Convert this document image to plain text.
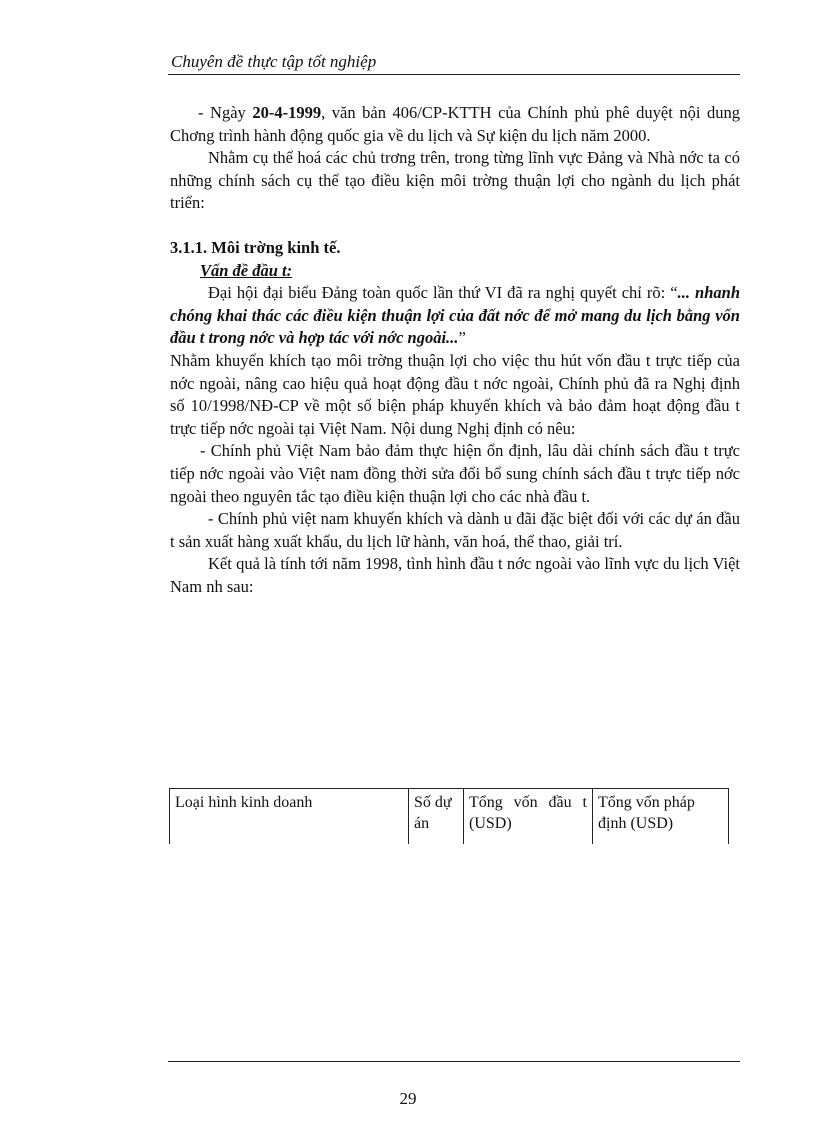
Chuyên đề thực tập tốt nghiệp

- Ngày 20-4-1999, văn bản 406/CP-KTTH của Chính phủ phê duyệt nội dung Chơng trình hành động quốc gia về du lịch và Sự kiện du lịch năm 2000.

Nhằm cụ thể hoá các chủ trơng trên, trong từng lĩnh vực Đảng và Nhà nớc ta có những chính sách cụ thể tạo điều kiện môi trờng thuận lợi cho ngành du lịch phát triển:

3.1.1. Môi trờng kinh tế.

Vấn đề đầu t:

Đại hội đại biểu Đảng toàn quốc lần thứ VI đã ra nghị quyết chỉ rõ: “... nhanh chóng khai thác các điều kiện thuận lợi của đất nớc để mở mang du lịch bằng vốn đầu t trong nớc và hợp tác với nớc ngoài...”

Nhằm khuyến khích tạo môi trờng thuận lợi cho việc thu hút vốn đầu t trực tiếp của nớc ngoài, nâng cao hiệu quả hoạt động đầu t nớc ngoài, Chính phủ đã ra Nghị định số 10/1998/NĐ-CP về một số biện pháp khuyến khích và bảo đảm hoạt động đầu t trực tiếp nớc ngoài tại Việt Nam. Nội dung Nghị định có nêu:

- Chính phủ Việt Nam bảo đảm thực hiện ổn định, lâu dài chính sách đầu t trực tiếp nớc ngoài vào Việt nam đồng thời sửa đổi bổ sung chính sách đầu t trực tiếp nớc ngoài theo nguyên tắc tạo điều kiện thuận lợi cho các nhà đầu t.

- Chính phủ việt nam khuyến khích và dành u đãi đặc biệt đối với các dự án đầu t sản xuất hàng xuất khẩu, du lịch lữ hành, văn hoá, thể thao, giải trí.

Kết quả là tính tới năm 1998, tình hình đầu t nớc ngoài vào lĩnh vực du lịch Việt Nam nh sau:

Loại hình kinh doanh	Số dự án	Tổng vốn đầu t (USD)	Tổng vốn pháp định (USD)
29
